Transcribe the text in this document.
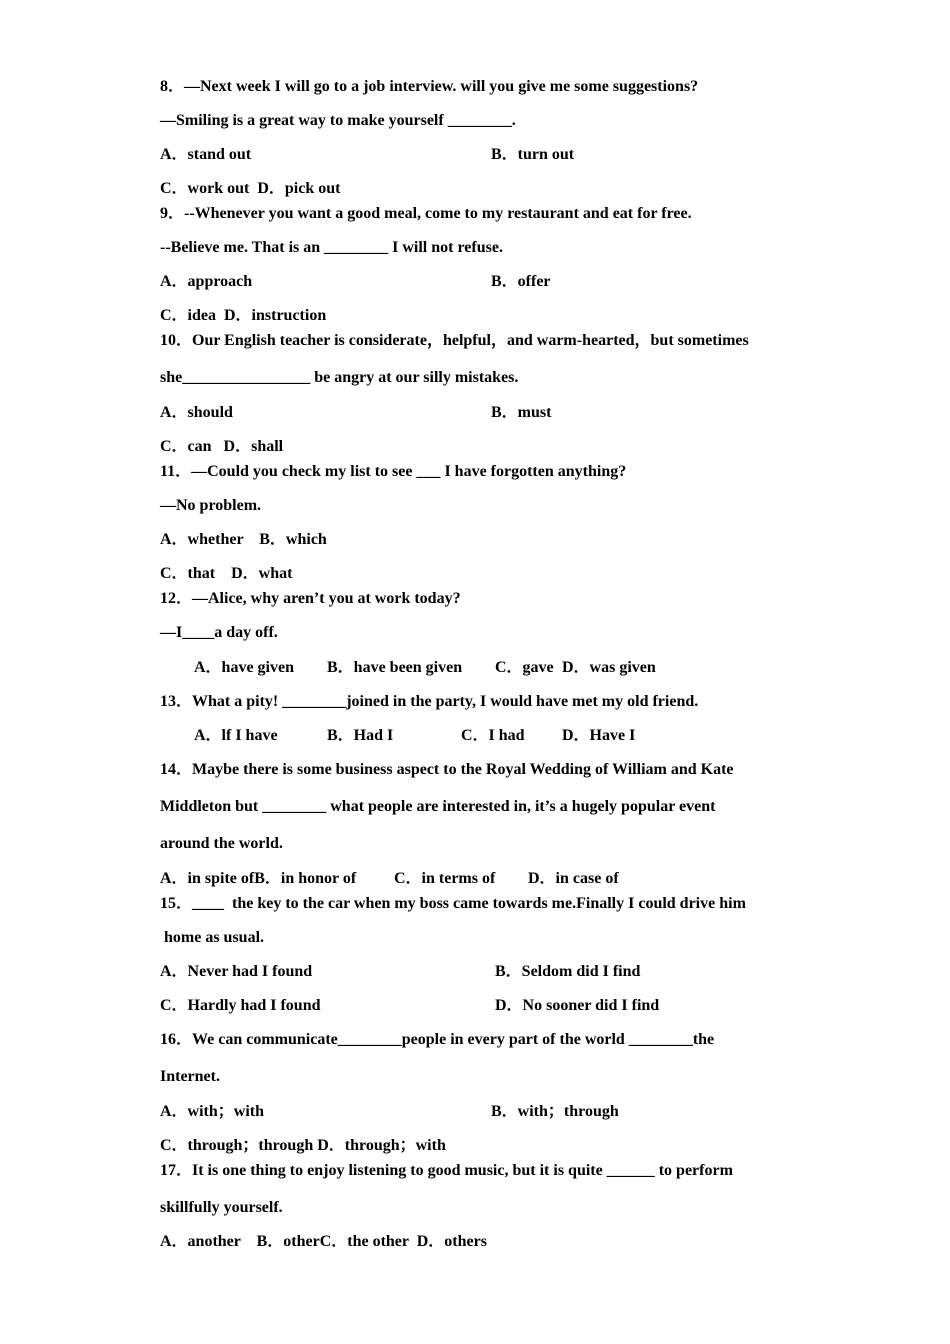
8．—Next week I will go to a job interview. will you give me some suggestions?
—Smiling is a great way to make yourself ________.
A．stand out	B．turn out
C．work out  D．pick out
9．--Whenever you want a good meal, come to my restaurant and eat for free.
--Believe me. That is an ________ I will not refuse.
A．approach	B．offer
C．idea  D．instruction
10．Our English teacher is considerate，helpful，and warm-hearted，but sometimes
she________________ be angry at our silly mistakes.
A．should	B．must
C．can   D．shall
11．—Could you check my list to see ___ I have forgotten anything?
—No problem.
A．whether    B．which
C．that    D．what
12．—Alice, why aren’t you at work today?
—I____a day off.
A．have given B．have been given C．gave D．was given
13．What a pity! ________joined in the party, I would have met my old friend.
A．lf I have	B．Had I	C．I had D．Have I
14．Maybe there is some business aspect to the Royal Wedding of William and Kate
Middleton but ________ what people are interested in, it’s a hugely popular event
around the world.
A．in spite ofB．in honor of C．in terms of D．in case of
15．____  the key to the car when my boss came towards me.Finally I could drive him
home as usual.
A．Never had I found	B．Seldom did I find
C．Hardly had I found	D．No sooner did I find
16．We can communicate________people in every part of the world ________the
Internet.
A．with；with	B．with；through
C．through；through D．through；with
17．It is one thing to enjoy listening to good music, but it is quite ______ to perform
skillfully yourself.
A．another    B．otherC．the other  D．others
